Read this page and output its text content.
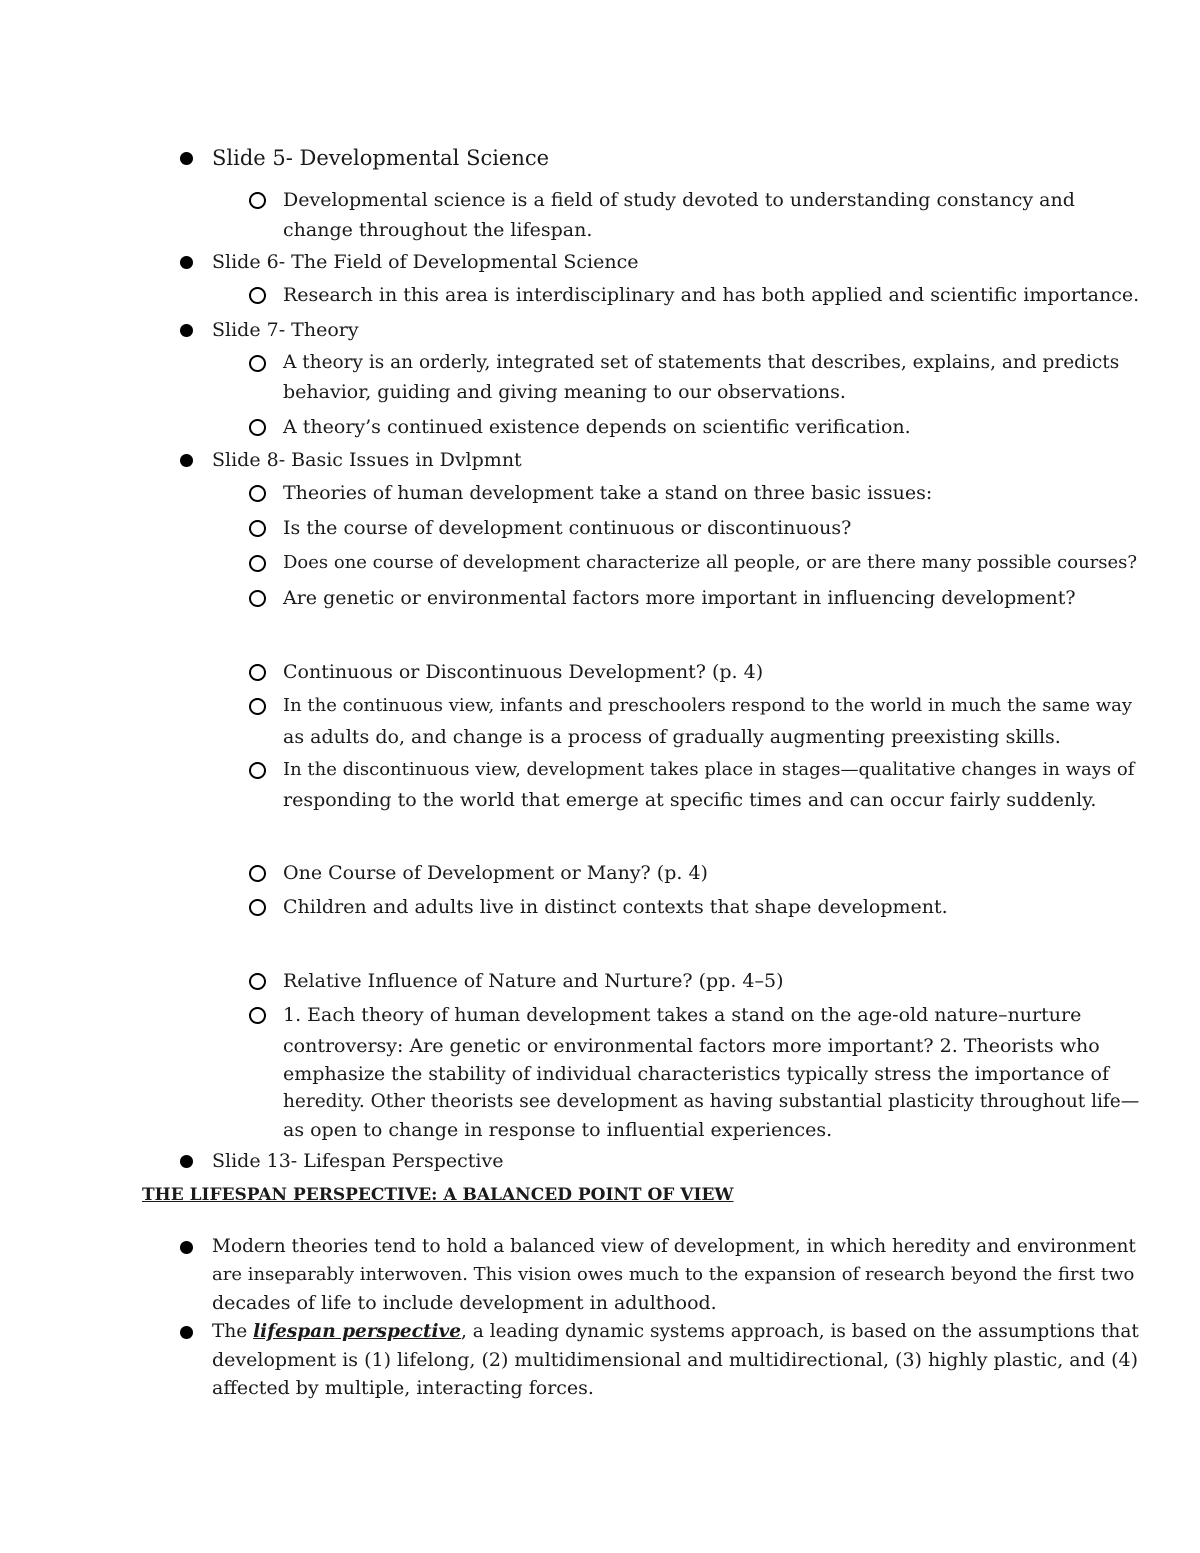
Slide 5- Developmental Science
Developmental science is a field of study devoted to understanding constancy and
change throughout the lifespan.
Slide 6- The Field of Developmental Science
Research in this area is interdisciplinary and has both applied and scientific importance.
Slide 7- Theory
A theory is an orderly, integrated set of statements that describes, explains, and predicts
behavior, guiding and giving meaning to our observations.
A theory’s continued existence depends on scientific verification.
Slide 8- Basic Issues in Dvlpmnt
Theories of human development take a stand on three basic issues:
Is the course of development continuous or discontinuous?
Does one course of development characterize all people, or are there many possible courses?
Are genetic or environmental factors more important in influencing development?
Continuous or Discontinuous Development? (p. 4)
In the continuous view, infants and preschoolers respond to the world in much the same way
as adults do, and change is a process of gradually augmenting preexisting skills.
In the discontinuous view, development takes place in stages—qualitative changes in ways of
responding to the world that emerge at specific times and can occur fairly suddenly.
One Course of Development or Many? (p. 4)
Children and adults live in distinct contexts that shape development.
Relative Influence of Nature and Nurture? (pp. 4–5)
1. Each theory of human development takes a stand on the age-old nature–nurture
controversy: Are genetic or environmental factors more important? 2. Theorists who
emphasize the stability of individual characteristics typically stress the importance of
heredity. Other theorists see development as having substantial plasticity throughout life—
as open to change in response to influential experiences.
Slide 13- Lifespan Perspective
THE LIFESPAN PERSPECTIVE: A BALANCED POINT OF VIEW
Modern theories tend to hold a balanced view of development, in which heredity and environment
are inseparably interwoven. This vision owes much to the expansion of research beyond the first two
decades of life to include development in adulthood.
The lifespan perspective, a leading dynamic systems approach, is based on the assumptions that
development is (1) lifelong, (2) multidimensional and multidirectional, (3) highly plastic, and (4)
affected by multiple, interacting forces.
